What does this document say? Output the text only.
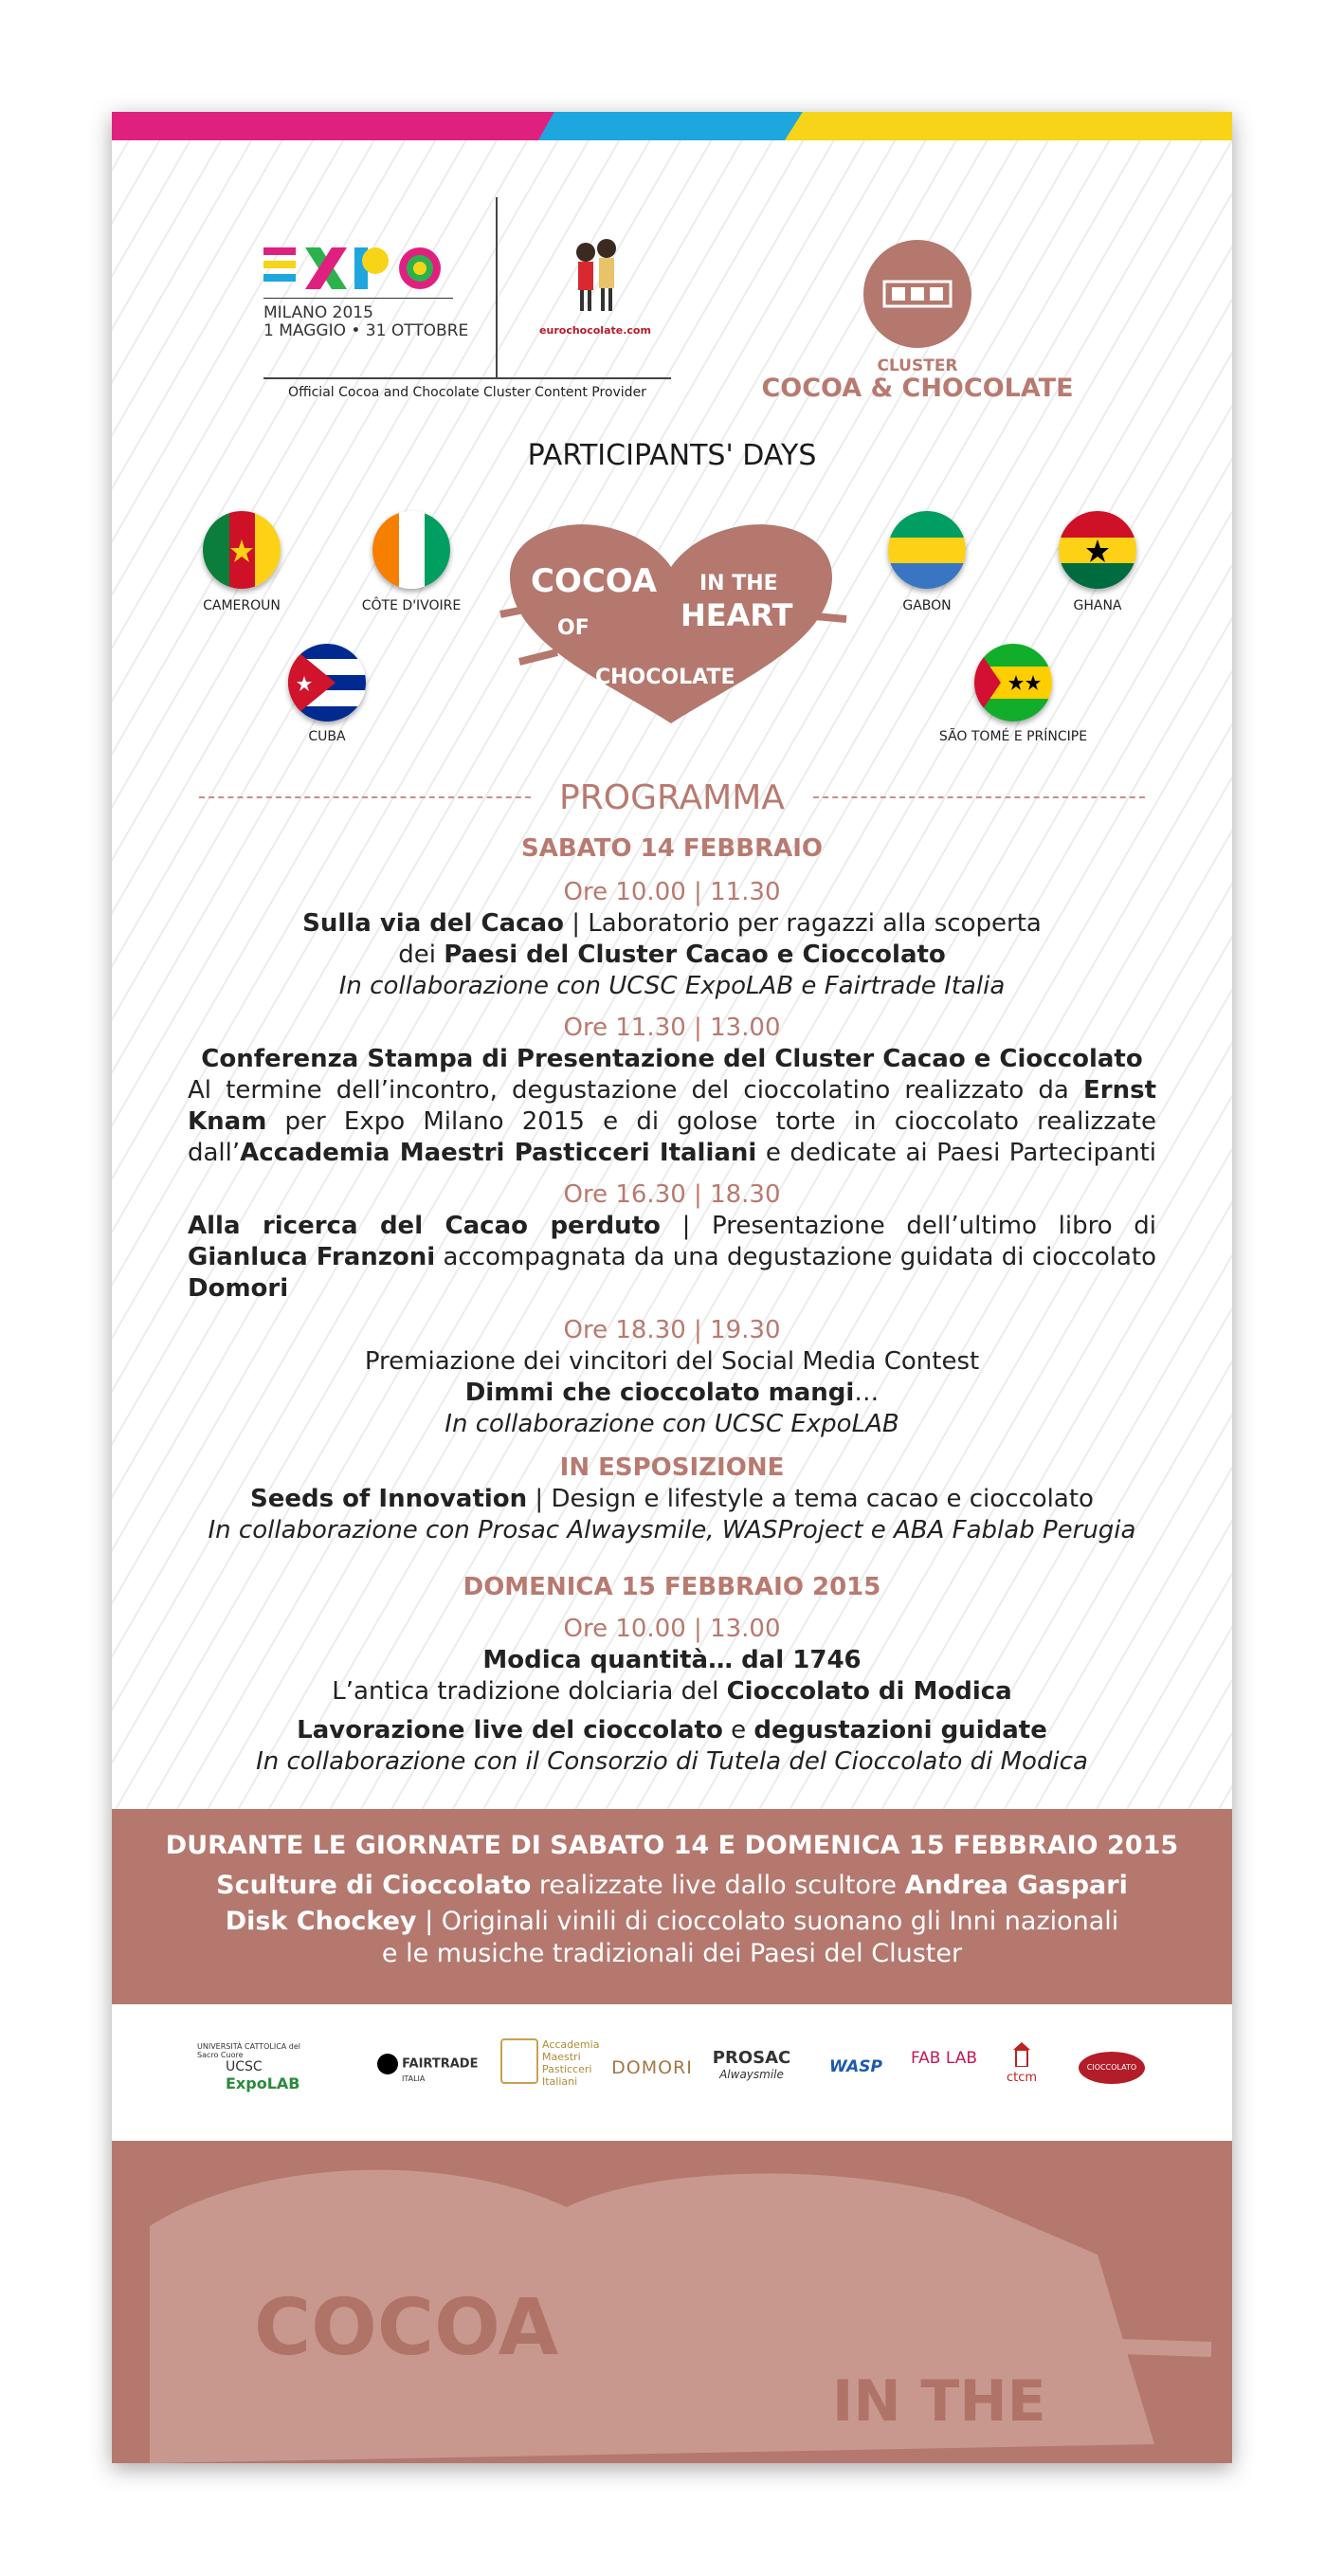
MILANO 2015
1 MAGGIO • 31 OTTOBRE	eurochocolate.com
Official Cocoa and Chocolate Cluster Content Provider
CLUSTER
COCOA & CHOCOLATE
PARTICIPANTS' DAYS
CAMEROUN	CÔTE D'IVOIRE
CUBA
GABON	GHANA
SÃO TOMÉ E PRÍNCIPE
COCOA IN THE
HEART
OF
CHOCOLATE
PROGRAMMA
SABATO 14 FEBBRAIO
Ore 10.00 | 11.30
Sulla via del Cacao | Laboratorio per ragazzi alla scoperta
dei Paesi del Cluster Cacao e Cioccolato
In collaborazione con UCSC ExpoLAB e Fairtrade Italia
Ore 11.30 | 13.00
Conferenza Stampa di Presentazione del Cluster Cacao e Cioccolato
Al termine dell’incontro, degustazione del cioccolatino realizzato da Ernst Knam per Expo Milano 2015 e di golose torte in cioccolato realizzate dall’Accademia Maestri Pasticceri Italiani e dedicate ai Paesi Partecipanti
Ore 16.30 | 18.30
Alla ricerca del Cacao perduto | Presentazione dell’ultimo libro di Gianluca Franzoni accompagnata da una degustazione guidata di cioccolato Domori
Ore 18.30 | 19.30
Premiazione dei vincitori del Social Media Contest
Dimmi che cioccolato mangi…
In collaborazione con UCSC ExpoLAB
IN ESPOSIZIONE
Seeds of Innovation | Design e lifestyle a tema cacao e cioccolato
In collaborazione con Prosac Alwaysmile, WASProject e ABA Fablab Perugia
DOMENICA 15 FEBBRAIO 2015
Ore 10.00 | 13.00
Modica quantità… dal 1746
L’antica tradizione dolciaria del Cioccolato di Modica
Lavorazione live del cioccolato e degustazioni guidate
In collaborazione con il Consorzio di Tutela del Cioccolato di Modica

DURANTE LE GIORNATE DI SABATO 14 E DOMENICA 15 FEBBRAIO 2015

Sculture di Cioccolato realizzate live dallo scultore Andrea Gaspari

Disk Chockey | Originali vinili di cioccolato suonano gli Inni nazionali

e le musiche tradizionali dei Paesi del Cluster

UNIVERSITÀ CATTOLICA del Sacro Cuore
UCSC
ExpoLAB
FAIRTRADE
ITALIA
Accademia Maestri Pasticceri Italiani
DOMORI	PROSAC
Alwaysmile	WASP	FAB LAB
ctcm
CIOCCOLATO MODICA
COCOA
IN THE
